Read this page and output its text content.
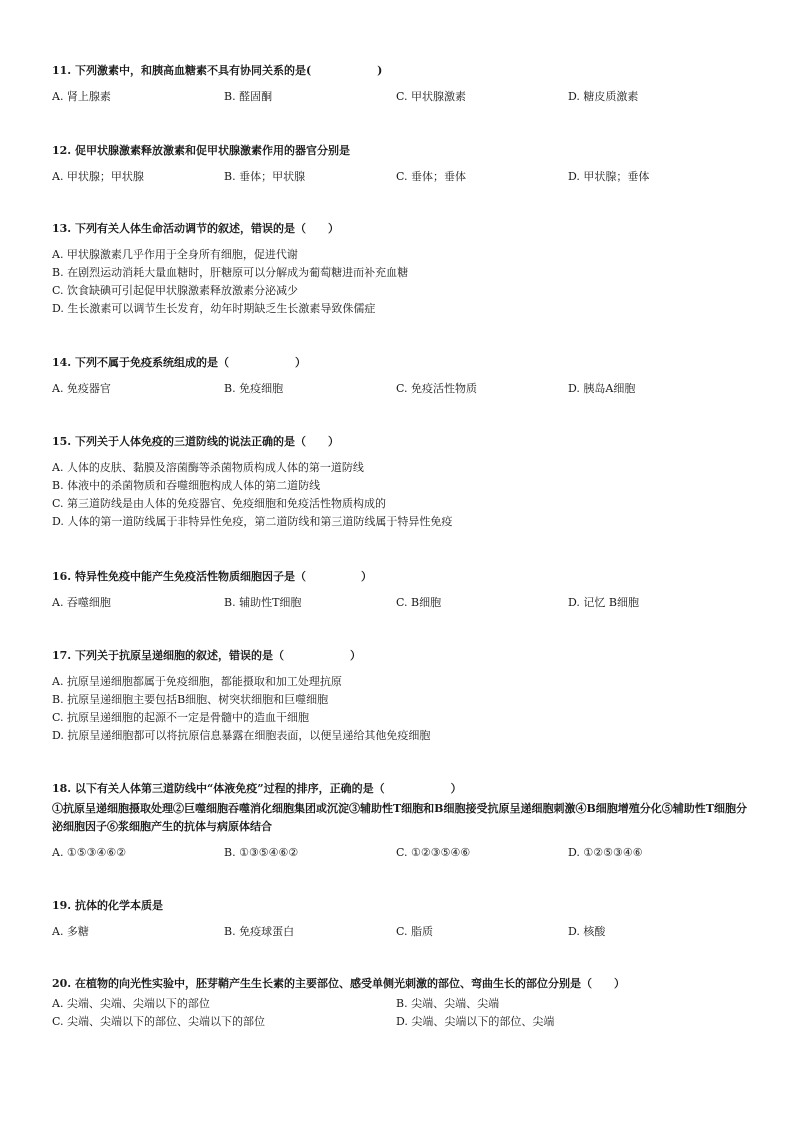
11. 下列激素中，和胰高血糖素不具有协同关系的是(　　　　　　)
A. 肾上腺素	B. 醛固酮	C. 甲状腺激素	D. 糖皮质激素
12. 促甲状腺激素释放激素和促甲状腺激素作用的器官分别是
A. 甲状腺；甲状腺	B. 垂体；甲状腺	C. 垂体；垂体	D. 甲状腺；垂体
13. 下列有关人体生命活动调节的叙述，错误的是（　　）
A. 甲状腺激素几乎作用于全身所有细胞，促进代谢
B. 在剧烈运动消耗大量血糖时，肝糖原可以分解成为葡萄糖进而补充血糖
C. 饮食缺碘可引起促甲状腺激素释放激素分泌减少
D. 生长激素可以调节生长发育，幼年时期缺乏生长激素导致侏儒症
14. 下列不属于免疫系统组成的是（　　　　　　）
A. 免疫器官	B. 免疫细胞	C. 免疫活性物质	D. 胰岛A细胞
15. 下列关于人体免疫的三道防线的说法正确的是（　　）
A. 人体的皮肤、黏膜及溶菌酶等杀菌物质构成人体的第一道防线
B. 体液中的杀菌物质和吞噬细胞构成人体的第二道防线
C. 第三道防线是由人体的免疫器官、免疫细胞和免疫活性物质构成的
D. 人体的第一道防线属于非特异性免疫，第二道防线和第三道防线属于特异性免疫
16. 特异性免疫中能产生免疫活性物质细胞因子是（　　　　　）
A. 吞噬细胞	B. 辅助性T细胞	C. B细胞	D. 记忆 B细胞
17. 下列关于抗原呈递细胞的叙述，错误的是（　　　　　　）
A. 抗原呈递细胞都属于免疫细胞，都能摄取和加工处理抗原
B. 抗原呈递细胞主要包括B细胞、树突状细胞和巨噬细胞
C. 抗原呈递细胞的起源不一定是骨髓中的造血干细胞
D. 抗原呈递细胞都可以将抗原信息暴露在细胞表面，以便呈递给其他免疫细胞
18. 以下有关人体第三道防线中“体液免疫”过程的排序，正确的是（　　　　　　）
①抗原呈递细胞摄取处理②巨噬细胞吞噬消化细胞集团或沉淀③辅助性T细胞和B细胞接受抗原呈递细胞刺激④B细胞增殖分化⑤辅助性T细胞分泌细胞因子⑥浆细胞产生的抗体与病原体结合
A. ①⑤③④⑥②	B. ①③⑤④⑥②	C. ①②③⑤④⑥	D. ①②⑤③④⑥
19. 抗体的化学本质是
A. 多糖	B. 免疫球蛋白	C. 脂质	D. 核酸
20. 在植物的向光性实验中，胚芽鞘产生生长素的主要部位、感受单侧光刺激的部位、弯曲生长的部位分别是（　　）
A. 尖端、尖端、尖端以下的部位	B. 尖端、尖端、尖端
C. 尖端、尖端以下的部位、尖端以下的部位	D. 尖端、尖端以下的部位、尖端
